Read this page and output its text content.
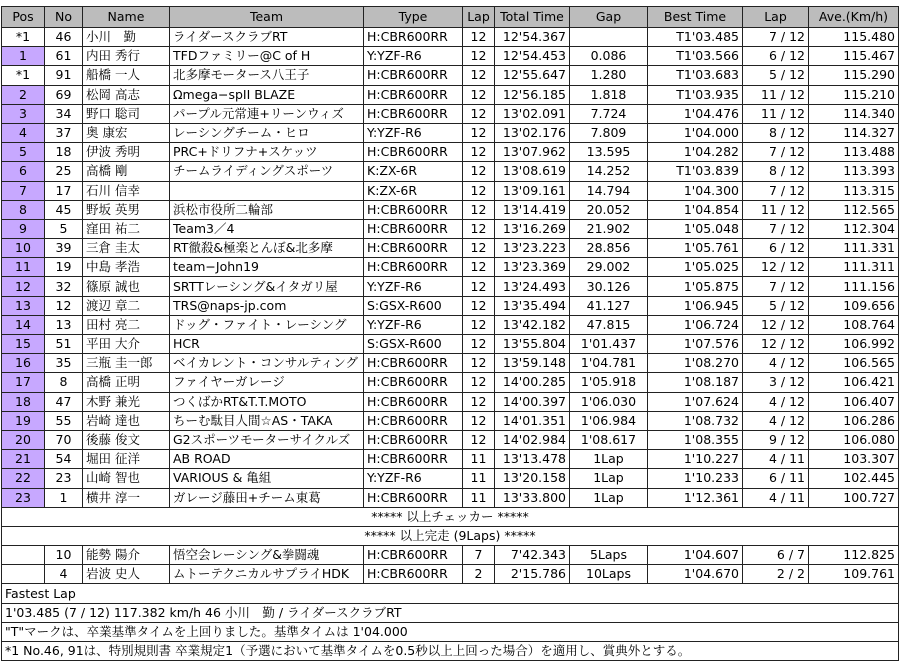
Pos	No	Name	Team	Type	Lap	Total Time	Gap	Best Time	Lap	Ave.(Km/h)
*1	46	小川　勤	ライダースクラブRT	H:CBR600RR	12	12'54.367		T1'03.485	7 / 12	115.480
1	61	内田 秀行	TFDファミリー@C of H	Y:YZF-R6	12	12'54.453	0.086	T1'03.566	6 / 12	115.467
*1	91	船橋 一人	北多摩モータース八王子	H:CBR600RR	12	12'55.647	1.280	T1'03.683	5 / 12	115.290
2	69	松岡 高志	Ωmega−spII BLAZE	H:CBR600RR	12	12'56.185	1.818	T1'03.935	11 / 12	115.210
3	34	野口 聡司	パープル元常連+リーンウィズ	H:CBR600RR	12	13'02.091	7.724	1'04.476	11 / 12	114.340
4	37	奥 康宏	レーシングチーム・ヒロ	Y:YZF-R6	12	13'02.176	7.809	1'04.000	8 / 12	114.327
5	18	伊波 秀明	PRC+ドリフナ+スケッツ	H:CBR600RR	12	13'07.962	13.595	1'04.282	7 / 12	113.488
6	25	高橋 剛	チームライディングスポーツ	K:ZX-6R	12	13'08.619	14.252	T1'03.839	8 / 12	113.393
7	17	石川 信幸		K:ZX-6R	12	13'09.161	14.794	1'04.300	7 / 12	113.315
8	45	野坂 英男	浜松市役所二輪部	H:CBR600RR	12	13'14.419	20.052	1'04.854	11 / 12	112.565
9	5	窪田 祐二	Team3／4	H:CBR600RR	12	13'16.269	21.902	1'05.048	7 / 12	112.304
10	39	三倉 圭太	RT徹殺&極楽とんぼ&北多摩	H:CBR600RR	12	13'23.223	28.856	1'05.761	6 / 12	111.331
11	19	中島 孝浩	team−John19	H:CBR600RR	12	13'23.369	29.002	1'05.025	12 / 12	111.311
12	32	篠原 誠也	SRTTレーシング&イタガリ屋	Y:YZF-R6	12	13'24.493	30.126	1'05.875	7 / 12	111.156
13	12	渡辺 章二	TRS@naps-jp.com	S:GSX-R600	12	13'35.494	41.127	1'06.945	5 / 12	109.656
14	13	田村 亮二	ドッグ・ファイト・レーシング	Y:YZF-R6	12	13'42.182	47.815	1'06.724	12 / 12	108.764
15	51	平田 大介	HCR	S:GSX-R600	12	13'55.804	1'01.437	1'07.576	12 / 12	106.992
16	35	三瓶 圭一郎	ベイカレント・コンサルティング	H:CBR600RR	12	13'59.148	1'04.781	1'08.270	4 / 12	106.565
17	8	高橋 正明	ファイヤーガレージ	H:CBR600RR	12	14'00.285	1'05.918	1'08.187	3 / 12	106.421
18	47	木野 兼光	つくばかRT&T.T.MOTO	H:CBR600RR	12	14'00.397	1'06.030	1'07.624	4 / 12	106.407
19	55	岩崎 達也	ちーむ駄目人間☆AS・TAKA	H:CBR600RR	12	14'01.351	1'06.984	1'08.732	4 / 12	106.286
20	70	後藤 俊文	G2スポーツモーターサイクルズ	H:CBR600RR	12	14'02.984	1'08.617	1'08.355	9 / 12	106.080
21	54	堀田 征洋	AB ROAD	H:CBR600RR	11	13'13.478	1Lap	1'10.227	4 / 11	103.307
22	23	山崎 智也	VARIOUS & 亀組	Y:YZF-R6	11	13'20.158	1Lap	1'10.233	6 / 11	102.445
23	1	横井 淳一	ガレージ藤田+チーム東葛	H:CBR600RR	11	13'33.800	1Lap	1'12.361	4 / 11	100.727
***** 以上チェッカー *****										
***** 以上完走 (9Laps) *****										
	10	能勢 陽介	悟空会レーシング&拳闘魂	H:CBR600RR	7	7'42.343	5Laps	1'04.607	6 / 7	112.825
	4	岩波 史人	ムトーテクニカルサプライHDK	H:CBR600RR	2	2'15.786	10Laps	1'04.670	2 / 2	109.761
Fastest Lap										
1'03.485 (7 / 12) 117.382 km/h 46 小川　勤 / ライダースクラブRT										
"T"マークは、卒業基準タイムを上回りました。基準タイムは 1'04.000										
*1 No.46, 91は、特別規則書 卒業規定1（予選において基準タイムを0.5秒以上上回った場合）を適用し、賞典外とする。										
